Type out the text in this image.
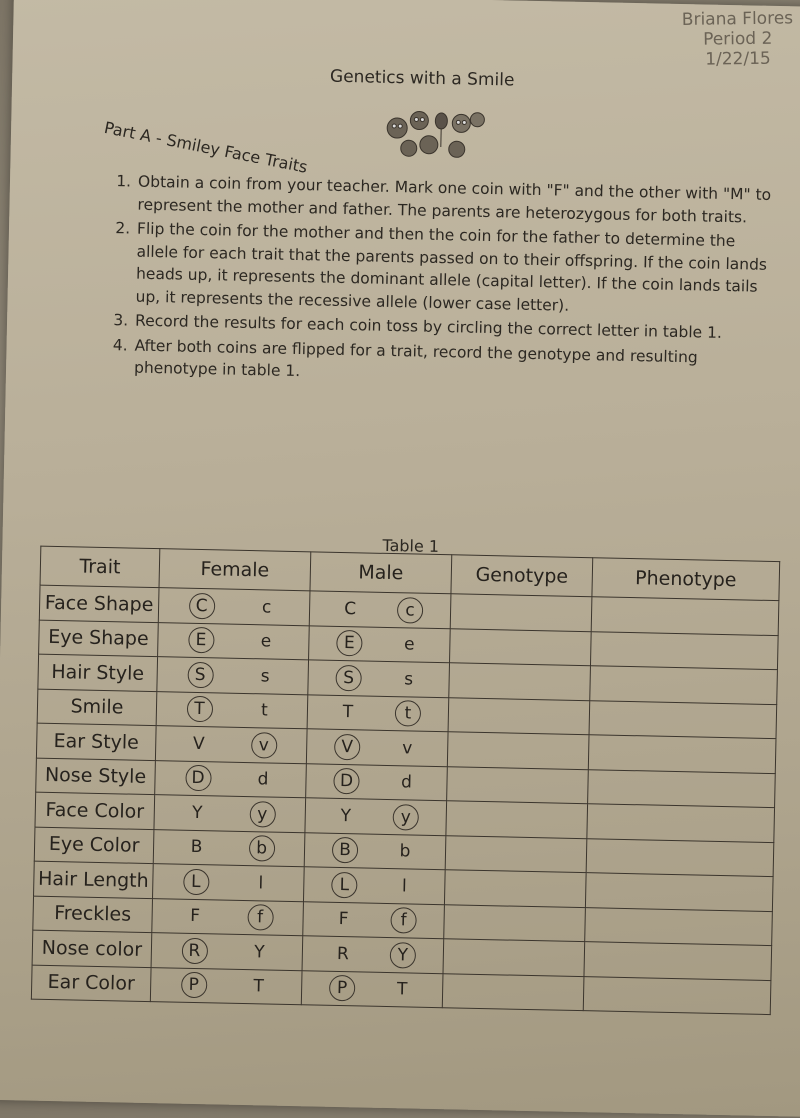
Briana Flores
Period 2
1/22/15
Genetics with a Smile
Part A - Smiley Face Traits
1. Obtain a coin from your teacher. Mark one coin with "F" and the other with "M" to represent the mother and father. The parents are heterozygous for both traits.
2. Flip the coin for the mother and then the coin for the father to determine the allele for each trait that the parents passed on to their offspring. If the coin lands heads up, it represents the dominant allele (capital letter). If the coin lands tails up, it represents the recessive allele (lower case letter).
3. Record the results for each coin toss by circling the correct letter in table 1.
4. After both coins are flipped for a trait, record the genotype and resulting phenotype in table 1.
Table 1
Trait	Female	Male	Genotype	Phenotype
Face Shape	C c	C c		

Eye Shape	E e	E e		

Hair Style	S s	S s		

Smile	T t	T t		

Ear Style	V v	V v		

Nose Style	D d	D d		

Face Color	Y y	Y y		

Eye Color	B b	B b		

Hair Length	L l	L l		

Freckles	F f	F f		

Nose color	R Y	R Y		

Ear Color	P T	P T		
